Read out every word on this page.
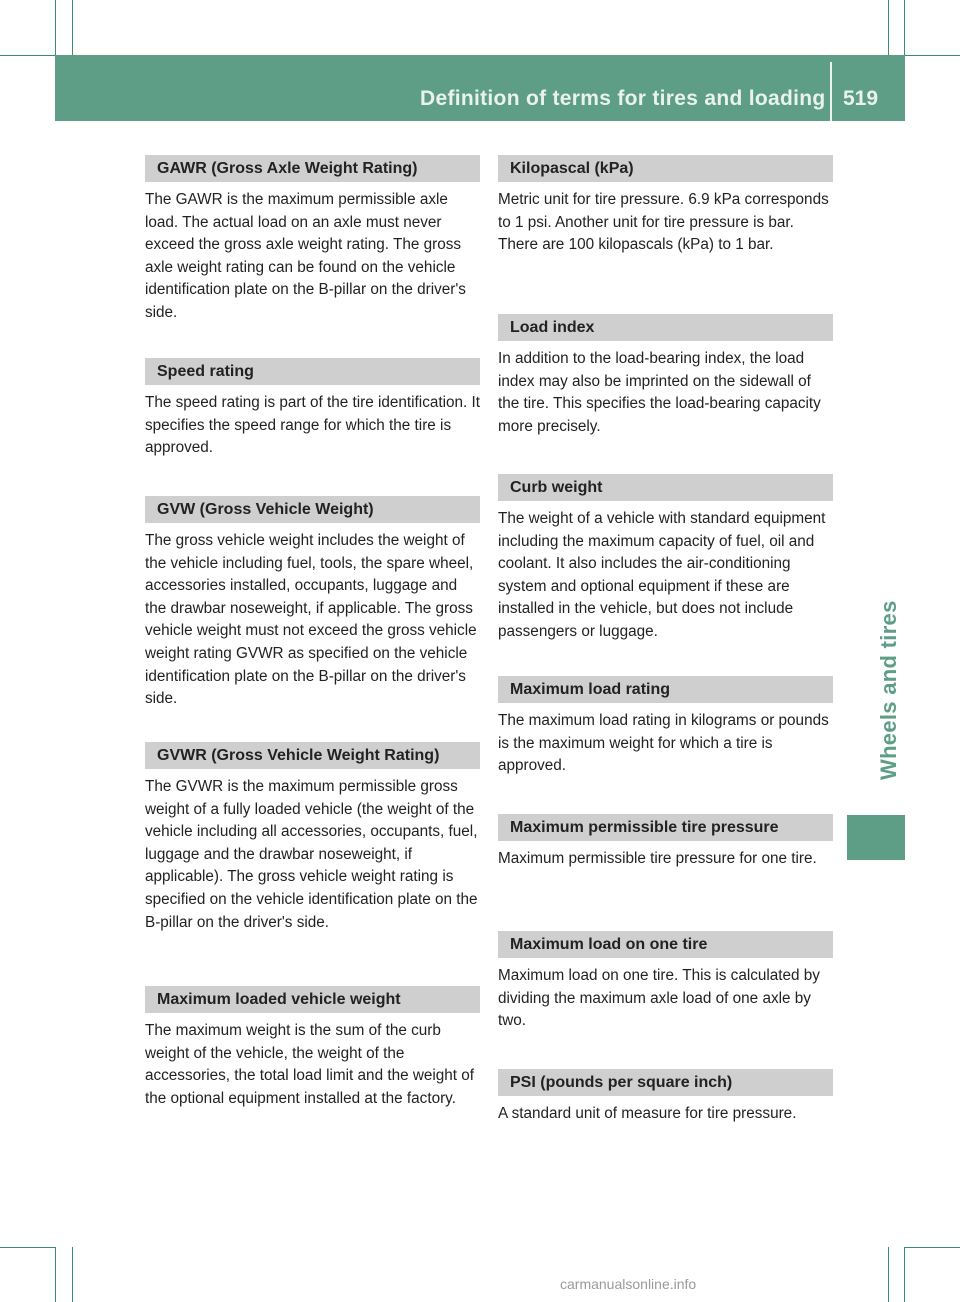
Definition of terms for tires and loading 519
Wheels and tires
GAWR (Gross Axle Weight Rating)
The GAWR is the maximum permissible axle load. The actual load on an axle must never exceed the gross axle weight rating. The gross axle weight rating can be found on the vehicle identification plate on the B-pillar on the driver's side.
Speed rating
The speed rating is part of the tire identification. It specifies the speed range for which the tire is approved.
GVW (Gross Vehicle Weight)
The gross vehicle weight includes the weight of the vehicle including fuel, tools, the spare wheel, accessories installed, occupants, luggage and the drawbar noseweight, if applicable. The gross vehicle weight must not exceed the gross vehicle weight rating GVWR as specified on the vehicle identification plate on the B-pillar on the driver's side.
GVWR (Gross Vehicle Weight Rating)
The GVWR is the maximum permissible gross weight of a fully loaded vehicle (the weight of the vehicle including all accessories, occupants, fuel, luggage and the drawbar noseweight, if applicable). The gross vehicle weight rating is specified on the vehicle identification plate on the B-pillar on the driver's side.
Maximum loaded vehicle weight
The maximum weight is the sum of the curb weight of the vehicle, the weight of the accessories, the total load limit and the weight of the optional equipment installed at the factory.
Kilopascal (kPa)
Metric unit for tire pressure. 6.9 kPa corresponds to 1 psi. Another unit for tire pressure is bar. There are 100 kilopascals (kPa) to 1 bar.
Load index
In addition to the load-bearing index, the load index may also be imprinted on the sidewall of the tire. This specifies the load-bearing capacity more precisely.
Curb weight
The weight of a vehicle with standard equipment including the maximum capacity of fuel, oil and coolant. It also includes the air-conditioning system and optional equipment if these are installed in the vehicle, but does not include passengers or luggage.
Maximum load rating
The maximum load rating in kilograms or pounds is the maximum weight for which a tire is approved.
Maximum permissible tire pressure
Maximum permissible tire pressure for one tire.
Maximum load on one tire
Maximum load on one tire. This is calculated by dividing the maximum axle load of one axle by two.
PSI (pounds per square inch)
A standard unit of measure for tire pressure.
carmanualsonline.info
